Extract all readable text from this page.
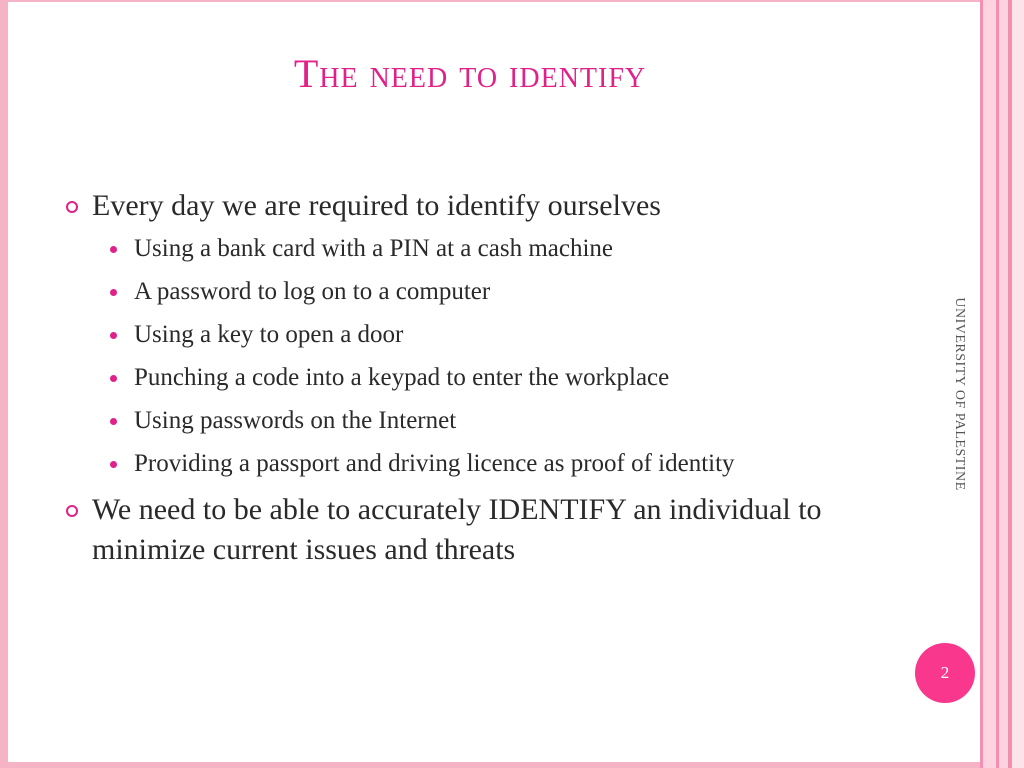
The need to identify
Every day we are required to identify ourselves
Using a bank card with a PIN at a cash machine
A password to log on to a computer
Using a key to open a door
Punching a code into a keypad to enter the workplace
Using passwords on the Internet
Providing a passport and driving licence as proof of identity
We need to be able to accurately IDENTIFY an individual to minimize current issues and threats
UNIVERSITY OF PALESTINE
2
